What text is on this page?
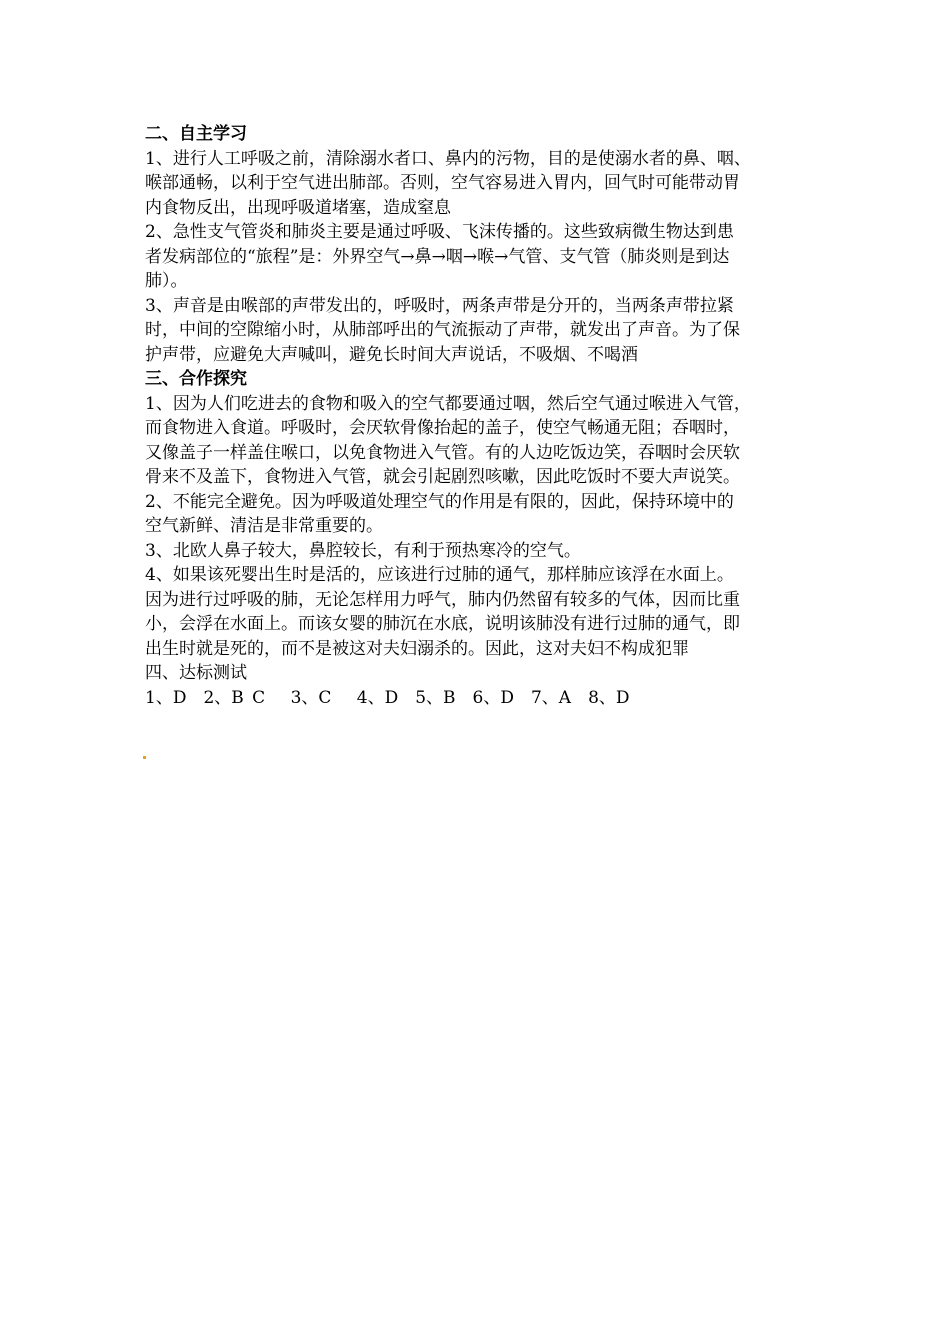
二、自主学习
1、进行人工呼吸之前，清除溺水者口、鼻内的污物，目的是使溺水者的鼻、咽、
喉部通畅，以利于空气进出肺部。否则，空气容易进入胃内，回气时可能带动胃
内食物反出，出现呼吸道堵塞，造成窒息
2、急性支气管炎和肺炎主要是通过呼吸、飞沫传播的。这些致病微生物达到患
者发病部位的“旅程”是：外界空气→鼻→咽→喉→气管、支气管（肺炎则是到达
肺）。
3、声音是由喉部的声带发出的，呼吸时，两条声带是分开的，当两条声带拉紧
时，中间的空隙缩小时，从肺部呼出的气流振动了声带，就发出了声音。为了保
护声带，应避免大声喊叫，避免长时间大声说话，不吸烟、不喝酒
三、合作探究
1、因为人们吃进去的食物和吸入的空气都要通过咽，然后空气通过喉进入气管，
而食物进入食道。呼吸时，会厌软骨像抬起的盖子，使空气畅通无阻；吞咽时，
又像盖子一样盖住喉口，以免食物进入气管。有的人边吃饭边笑，吞咽时会厌软
骨来不及盖下，食物进入气管，就会引起剧烈咳嗽，因此吃饭时不要大声说笑。
2、不能完全避免。因为呼吸道处理空气的作用是有限的，因此，保持环境中的
空气新鲜、清洁是非常重要的。
3、北欧人鼻子较大，鼻腔较长，有利于预热寒冷的空气。
4、如果该死婴出生时是活的，应该进行过肺的通气，那样肺应该浮在水面上。
因为进行过呼吸的肺，无论怎样用力呼气，肺内仍然留有较多的气体，因而比重
小，会浮在水面上。而该女婴的肺沉在水底，说明该肺没有进行过肺的通气，即
出生时就是死的，而不是被这对夫妇溺杀的。因此，这对夫妇不构成犯罪
四、达标测试
1、D　2、B C　 3、C　 4、D　5、B　6、D　7、A　8、D
